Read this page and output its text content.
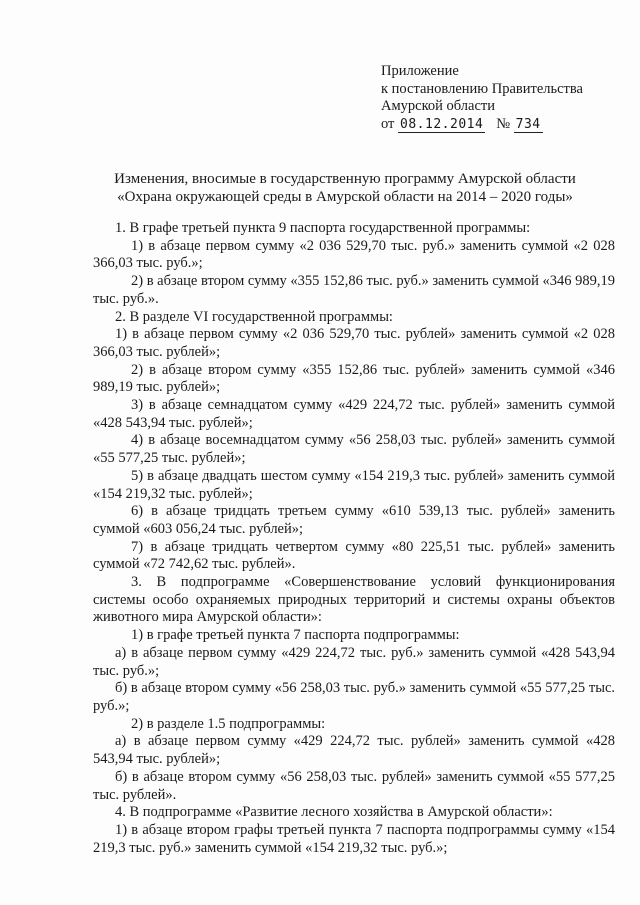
Приложение
к постановлению Правительства
Амурской области
от 08.12.2014 № 734
Изменения, вносимые в государственную программу Амурской области
«Охрана окружающей среды в Амурской области на 2014 – 2020 годы»

1. В графе третьей пункта 9 паспорта государственной программы:

1) в абзаце первом сумму «2 036 529,70 тыс. руб.» заменить суммой «2 028 366,03 тыс. руб.»;

2) в абзаце втором сумму «355 152,86 тыс. руб.» заменить суммой «346 989,19 тыс. руб.».

2. В разделе VI государственной программы:

1) в абзаце первом сумму «2 036 529,70 тыс. рублей» заменить суммой «2 028 366,03 тыс. рублей»;

2) в абзаце втором сумму «355 152,86 тыс. рублей» заменить суммой «346 989,19 тыс. рублей»;

3) в абзаце семнадцатом сумму «429 224,72 тыс. рублей» заменить суммой «428 543,94 тыс. рублей»;

4) в абзаце восемнадцатом сумму «56 258,03 тыс. рублей» заменить суммой «55 577,25 тыс. рублей»;

5) в абзаце двадцать шестом сумму «154 219,3 тыс. рублей» заменить суммой «154 219,32 тыс. рублей»;

6) в абзаце тридцать третьем сумму «610 539,13 тыс. рублей» заменить суммой «603 056,24 тыс. рублей»;

7) в абзаце тридцать четвертом сумму «80 225,51 тыс. рублей» заменить суммой «72 742,62 тыс. рублей».

3. В подпрограмме «Совершенствование условий функционирования системы особо охраняемых природных территорий и системы охраны объектов животного мира Амурской области»:

1) в графе третьей пункта 7 паспорта подпрограммы:

а) в абзаце первом сумму «429 224,72 тыс. руб.» заменить суммой «428 543,94 тыс. руб.»;

б) в абзаце втором сумму «56 258,03 тыс. руб.» заменить суммой «55 577,25 тыс. руб.»;

2) в разделе 1.5 подпрограммы:

а) в абзаце первом сумму «429 224,72 тыс. рублей» заменить суммой «428 543,94 тыс. рублей»;

б) в абзаце втором сумму «56 258,03 тыс. рублей» заменить суммой «55 577,25 тыс. рублей».

4. В подпрограмме «Развитие лесного хозяйства в Амурской области»:

1) в абзаце втором графы третьей пункта 7 паспорта подпрограммы сумму «154 219,3 тыс. руб.» заменить суммой «154 219,32 тыс. руб.»;
